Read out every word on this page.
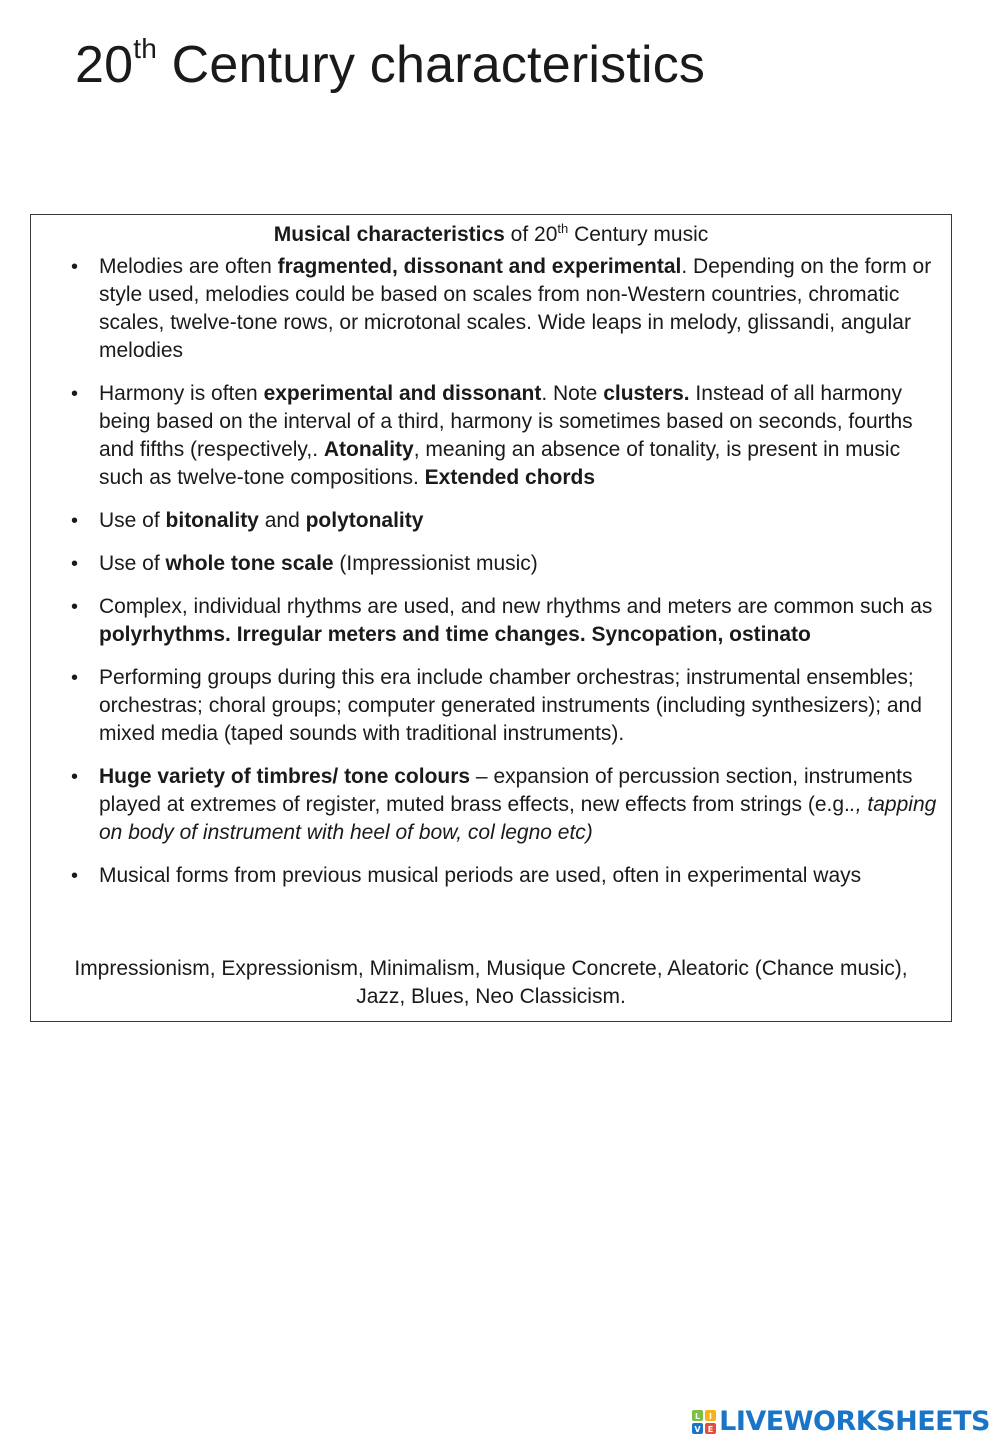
20th Century characteristics
Musical characteristics of 20th Century music
• Melodies are often fragmented, dissonant and experimental. Depending on the form or style used, melodies could be based on scales from non-Western countries, chromatic scales, twelve-tone rows, or microtonal scales. Wide leaps in melody, glissandi, angular melodies
• Harmony is often experimental and dissonant. Note clusters. Instead of all harmony being based on the interval of a third, harmony is sometimes based on seconds, fourths and fifths (respectively,. Atonality, meaning an absence of tonality, is present in music such as twelve-tone compositions. Extended chords
• Use of bitonality and polytonality
• Use of whole tone scale (Impressionist music)
• Complex, individual rhythms are used, and new rhythms and meters are common such as polyrhythms. Irregular meters and time changes. Syncopation, ostinato
• Performing groups during this era include chamber orchestras; instrumental ensembles; orchestras; choral groups; computer generated instruments (including synthesizers); and mixed media (taped sounds with traditional instruments).
• Huge variety of timbres/ tone colours – expansion of percussion section, instruments played at extremes of register, muted brass effects, new effects from strings (e.g.., tapping on body of instrument with heel of bow, col legno etc)
• Musical forms from previous musical periods are used, often in experimental ways
Impressionism, Expressionism, Minimalism, Musique Concrete, Aleatoric (Chance music), Jazz, Blues, Neo Classicism.
L I
V E LIVEWORKSHEETS
